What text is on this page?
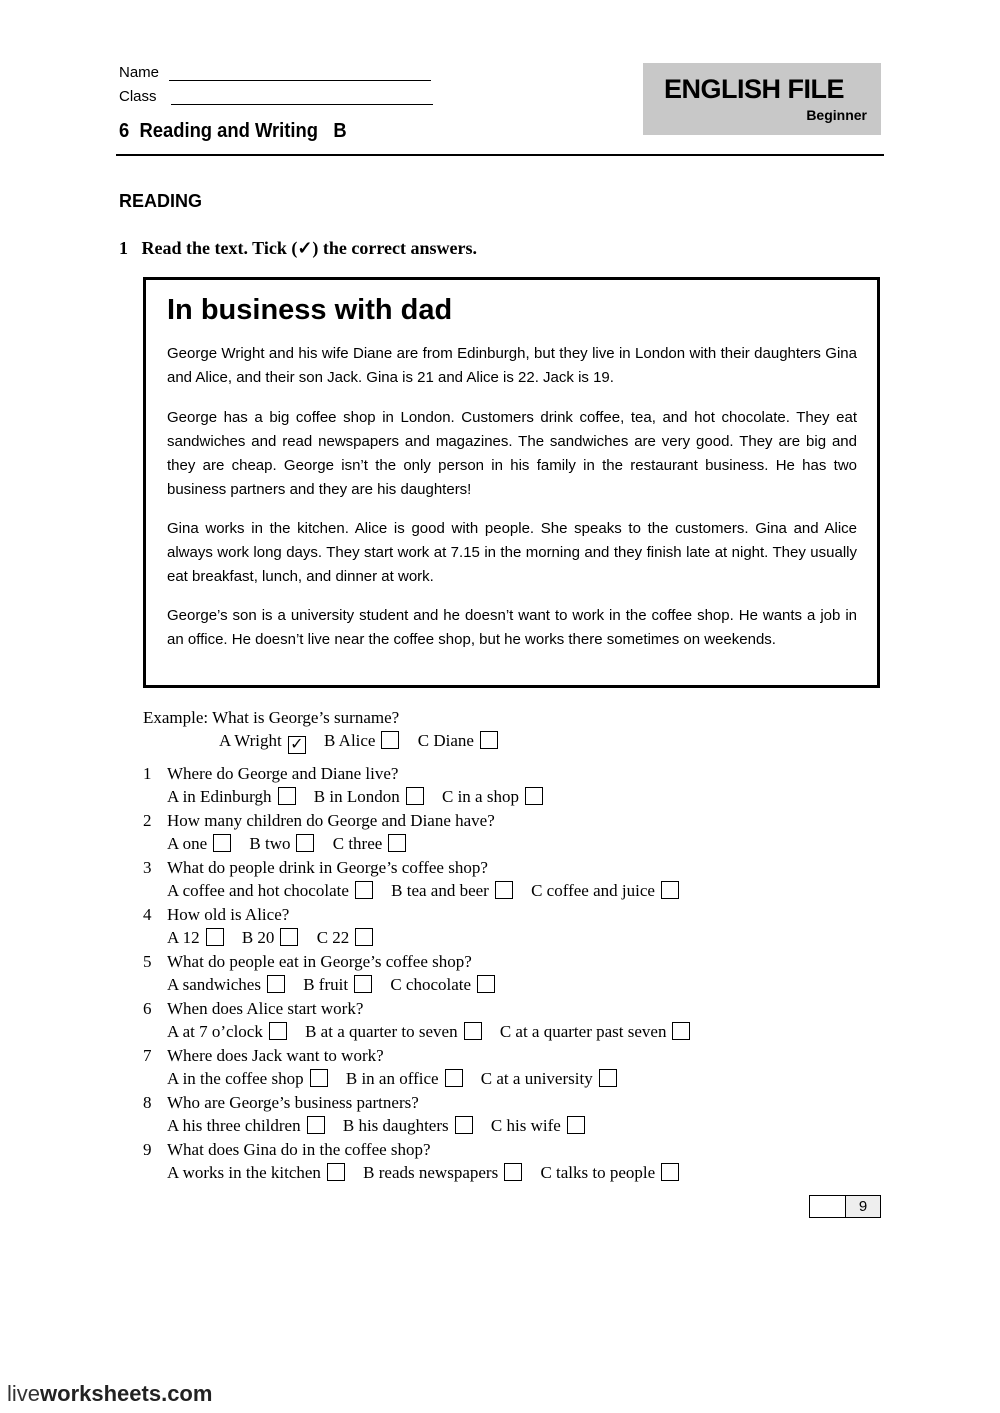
Name
Class
6  Reading and Writing   B
ENGLISH FILE
Beginner
READING
1   Read the text. Tick (✓) the correct answers.
In business with dad
George Wright and his wife Diane are from Edinburgh, but they live in London with their daughters Gina and Alice, and their son Jack. Gina is 21 and Alice is 22. Jack is 19.
George has a big coffee shop in London. Customers drink coffee, tea, and hot chocolate. They eat sandwiches and read newspapers and magazines. The sandwiches are very good. They are big and they are cheap. George isn’t the only person in his family in the restaurant business. He has two business partners and they are his daughters!
Gina works in the kitchen. Alice is good with people. She speaks to the customers. Gina and Alice always work long days. They start work at 7.15 in the morning and they finish late at night. They usually eat breakfast, lunch, and dinner at work.
George’s son is a university student and he doesn’t want to work in the coffee shop. He wants a job in an office. He doesn’t live near the coffee shop, but he works there sometimes on weekends.
Example: What is George’s surname?
A Wright ✓ B Alice C Diane
1 Where do George and Diane live?
A in Edinburgh B in London C in a shop
2 How many children do George and Diane have?
A one B two C three
3 What do people drink in George’s coffee shop?
A coffee and hot chocolate B tea and beer C coffee and juice
4 How old is Alice?
A 12 B 20 C 22
5 What do people eat in George’s coffee shop?
A sandwiches B fruit C chocolate
6 When does Alice start work?
A at 7 o’clock B at a quarter to seven C at a quarter past seven
7 Where does Jack want to work?
A in the coffee shop B in an office C at a university
8 Who are George’s business partners?
A his three children B his daughters C his wife
9 What does Gina do in the coffee shop?
A works in the kitchen B reads newspapers C talks to people
9
liveworksheets.com
